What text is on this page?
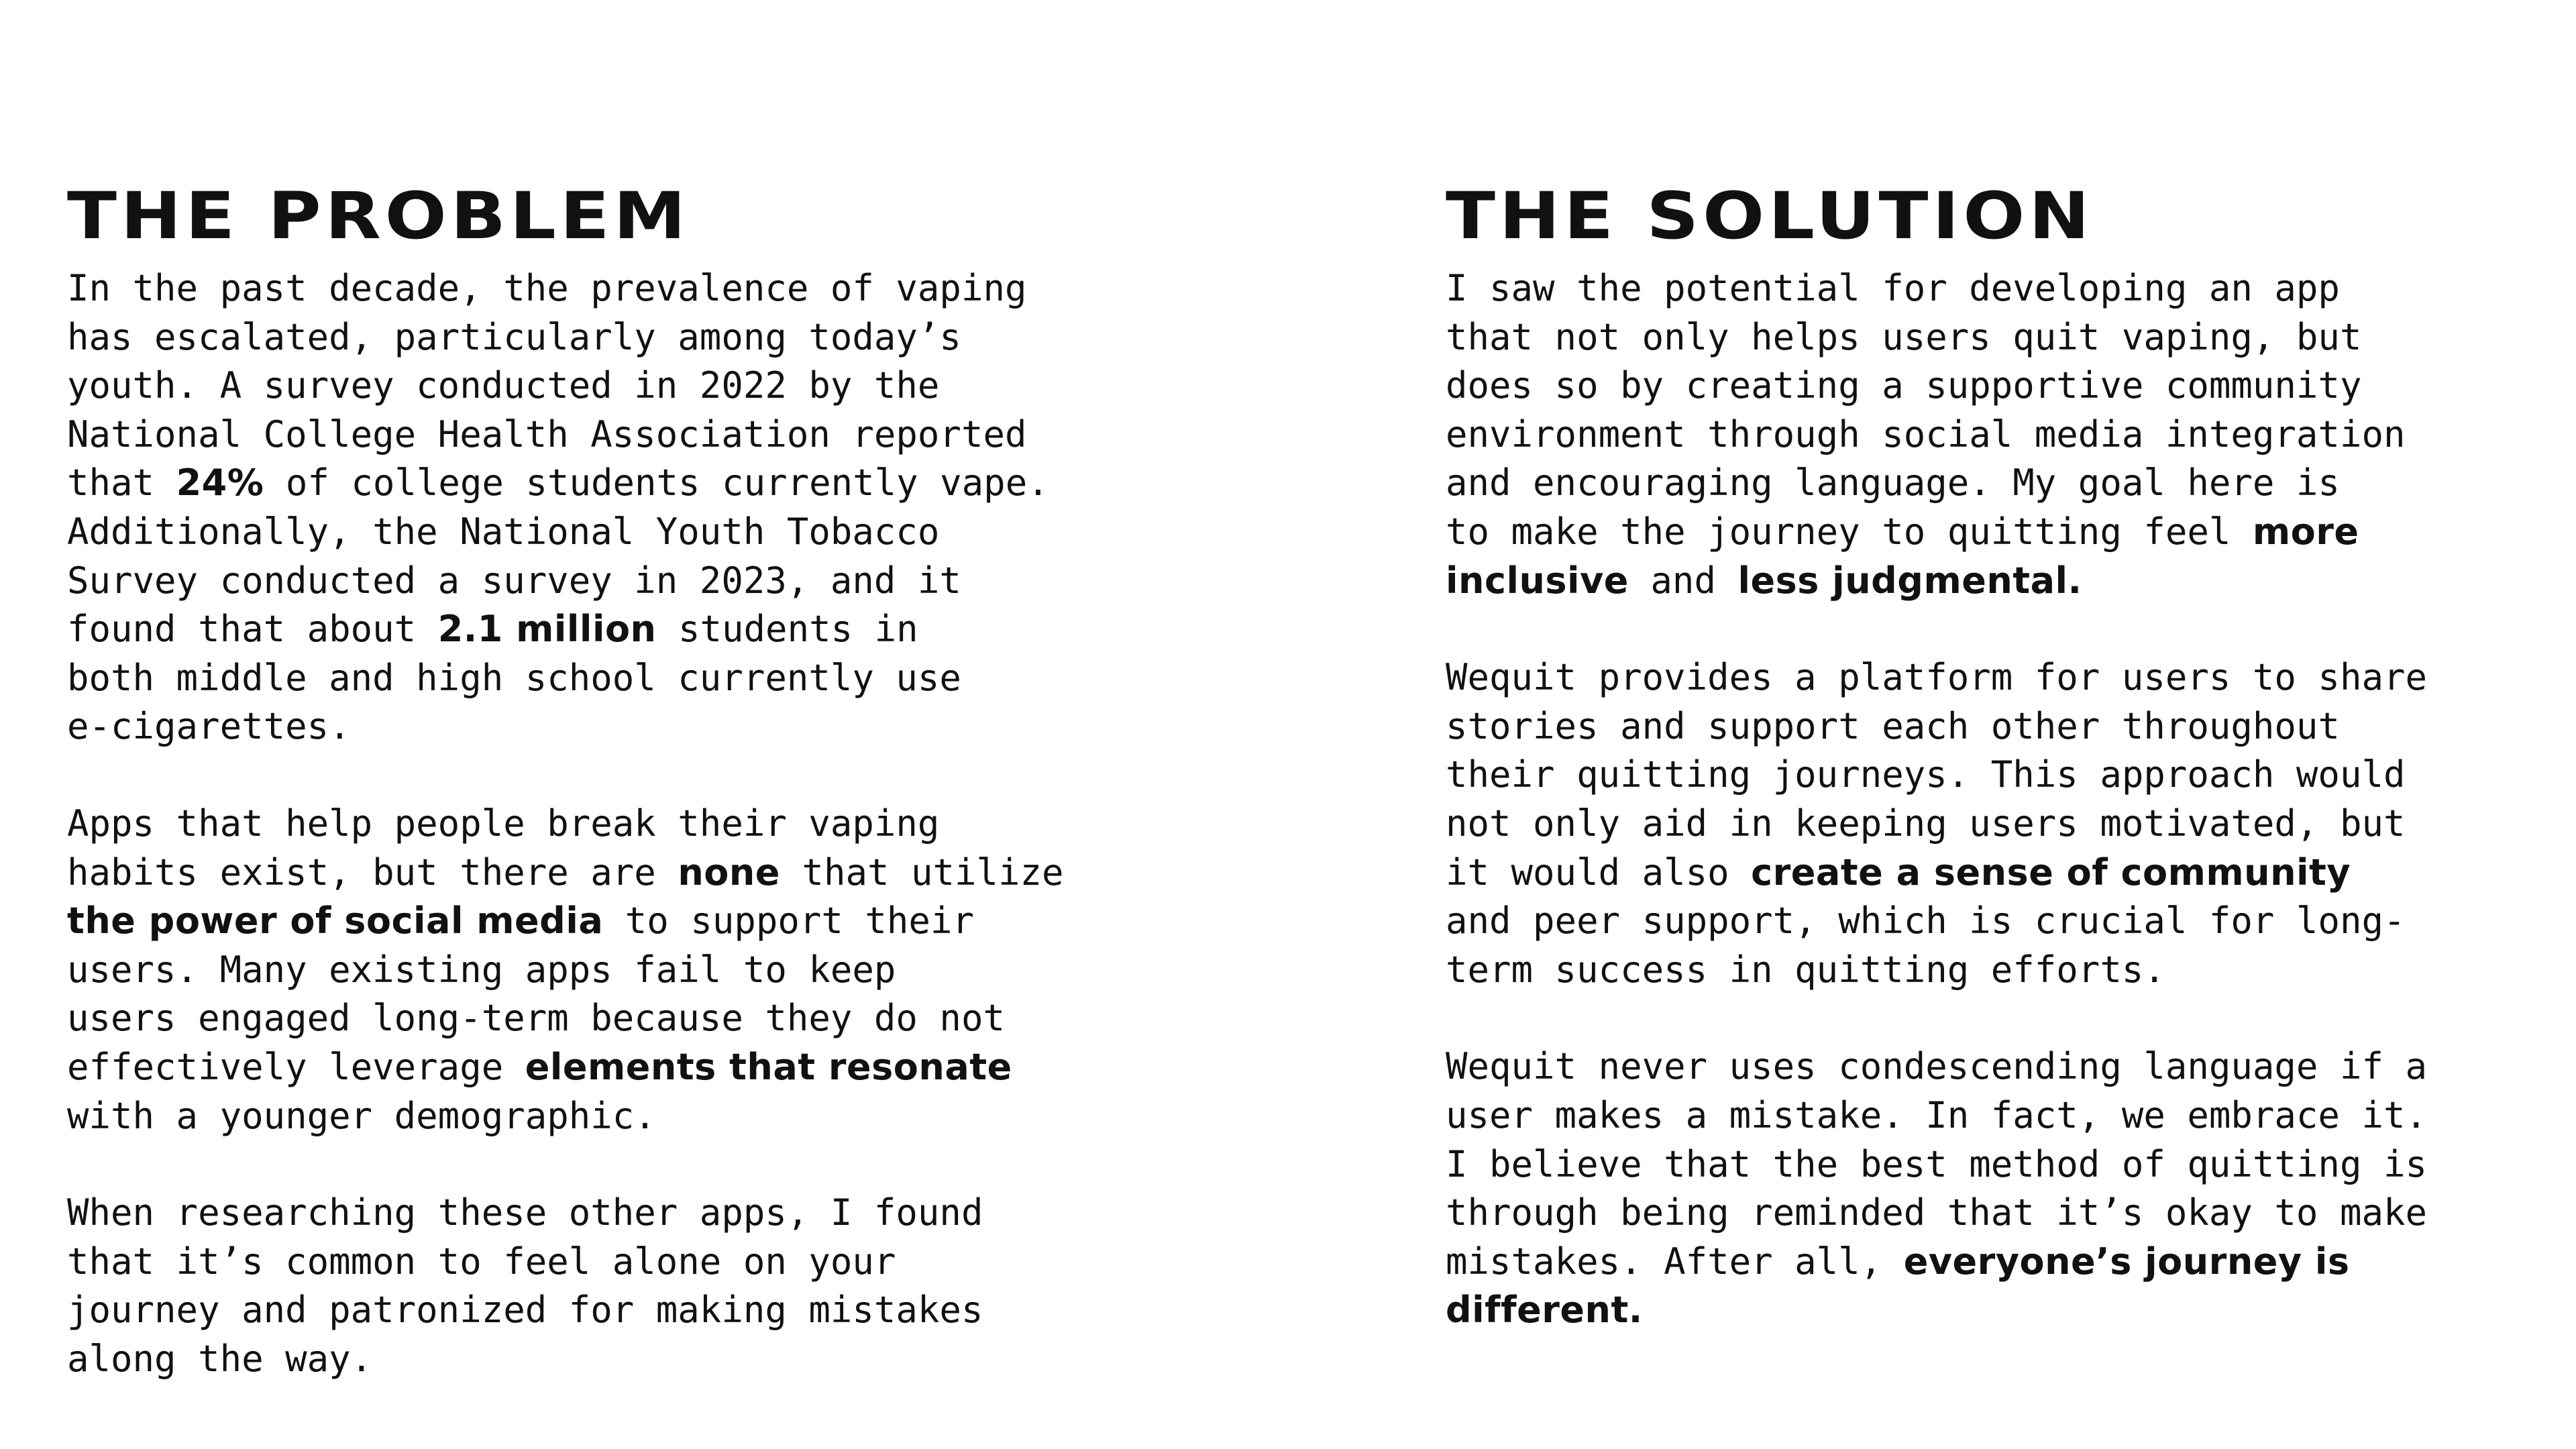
THE PROBLEM
In the past decade, the prevalence of vaping
has escalated, particularly among today’s
youth. A survey conducted in 2022 by the
National College Health Association reported
that 24% of college students currently vape.
Additionally, the National Youth Tobacco
Survey conducted a survey in 2023, and it
found that about 2.1 million students in
both middle and high school currently use
e-cigarettes.
Apps that help people break their vaping
habits exist, but there are none that utilize
the power of social media to support their
users. Many existing apps fail to keep
users engaged long-term because they do not
effectively leverage elements that resonate
with a younger demographic.
When researching these other apps, I found
that it’s common to feel alone on your
journey and patronized for making mistakes
along the way.
THE SOLUTION
I saw the potential for developing an app
that not only helps users quit vaping, but
does so by creating a supportive community
environment through social media integration
and encouraging language. My goal here is
to make the journey to quitting feel more
inclusive and less judgmental.
Wequit provides a platform for users to share
stories and support each other throughout
their quitting journeys. This approach would
not only aid in keeping users motivated, but
it would also create a sense of community
and peer support, which is crucial for long-
term success in quitting efforts.
Wequit never uses condescending language if a
user makes a mistake. In fact, we embrace it.
I believe that the best method of quitting is
through being reminded that it’s okay to make
mistakes. After all, everyone’s journey is
different.
